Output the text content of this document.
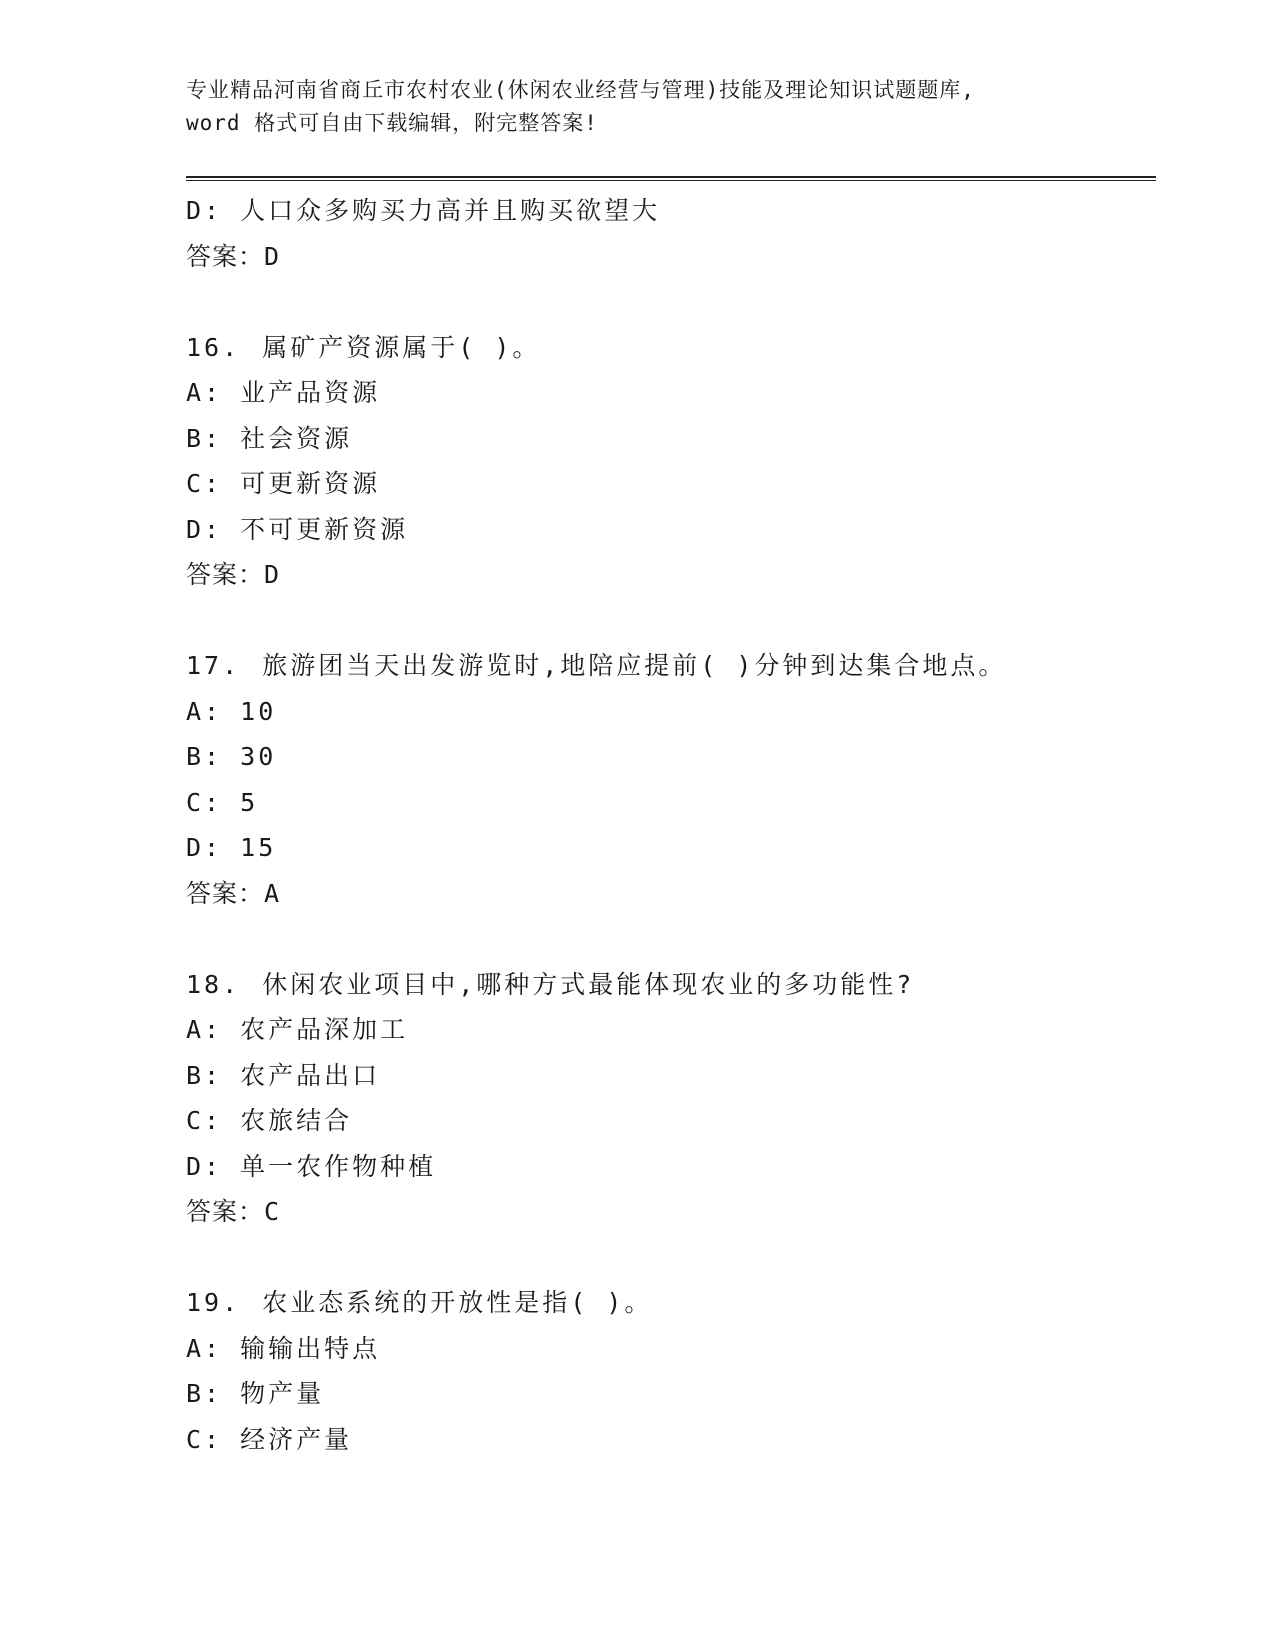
专业精品河南省商丘市农村农业(休闲农业经营与管理)技能及理论知识试题题库,
word 格式可自由下载编辑，附完整答案!
D: 人口众多购买力高并且购买欲望大
答案：D
16. 属矿产资源属于( )。
A: 业产品资源
B: 社会资源
C: 可更新资源
D: 不可更新资源
答案：D
17. 旅游团当天出发游览时,地陪应提前( )分钟到达集合地点。
A: 10
B: 30
C: 5
D: 15
答案：A
18. 休闲农业项目中,哪种方式最能体现农业的多功能性?
A: 农产品深加工
B: 农产品出口
C: 农旅结合
D: 单一农作物种植
答案：C
19. 农业态系统的开放性是指( )。
A: 输输出特点
B: 物产量
C: 经济产量
